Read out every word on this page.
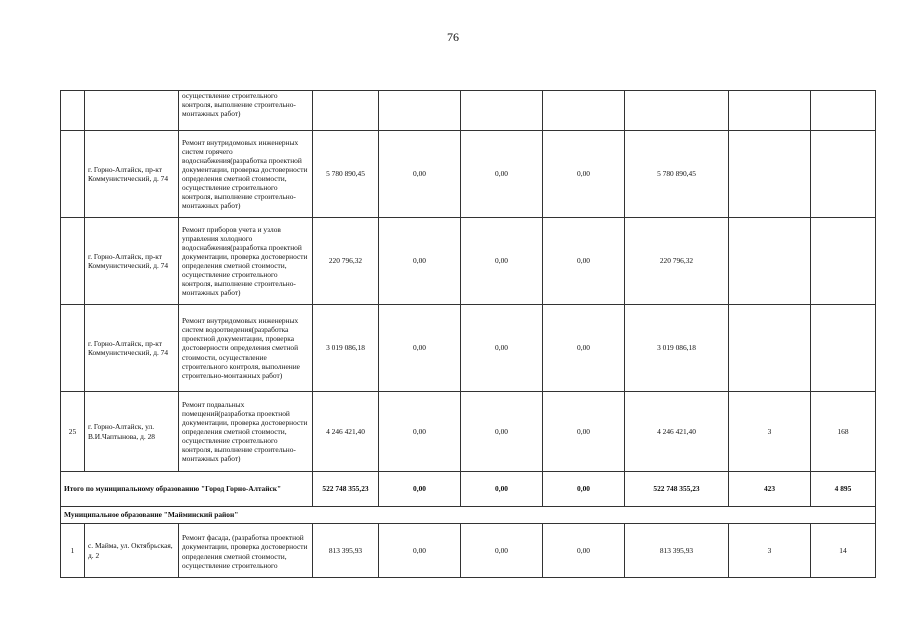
76
		осуществление строительного контроля, выполнение строительно-монтажных работ)							
	г. Горно-Алтайск, пр-кт Коммунистический, д. 74	Ремонт внутридомовых инженерных систем горячего водоснабжения(разработка проектной документации, проверка достоверности определения сметной стоимости, осуществление строительного контроля, выполнение строительно-монтажных работ)	5 780 890,45	0,00	0,00	0,00	5 780 890,45		
	г. Горно-Алтайск, пр-кт Коммунистический, д. 74	Ремонт приборов учета и узлов управления холодного водоснабжения(разработка проектной документации, проверка достоверности определения сметной стоимости, осуществление строительного контроля, выполнение строительно-монтажных работ)	220 796,32	0,00	0,00	0,00	220 796,32		
	г. Горно-Алтайск, пр-кт Коммунистический, д. 74	Ремонт внутридомовых инженерных систем водоотведения(разработка проектной документации, проверка достоверности определения сметной стоимости, осуществление строительного контроля, выполнение строительно-монтажных работ)	3 019 086,18	0,00	0,00	0,00	3 019 086,18		
25	г. Горно-Алтайск, ул. В.И.Чаптынова, д. 28	Ремонт подвальных помещений(разработка проектной документации, проверка достоверности определения сметной стоимости, осуществление строительного контроля, выполнение строительно-монтажных работ)	4 246 421,40	0,00	0,00	0,00	4 246 421,40	3	168
Итого по муниципальному образованию "Город Горно-Алтайск"			522 748 355,23	0,00	0,00	0,00	522 748 355,23	423	4 895
Муниципальное образование "Майминский район"									
1	с. Майма, ул. Октябрьская, д. 2	Ремонт фасада, (разработка проектной документации, проверка достоверности определения сметной стоимости, осуществление строительного	813 395,93	0,00	0,00	0,00	813 395,93	3	14
